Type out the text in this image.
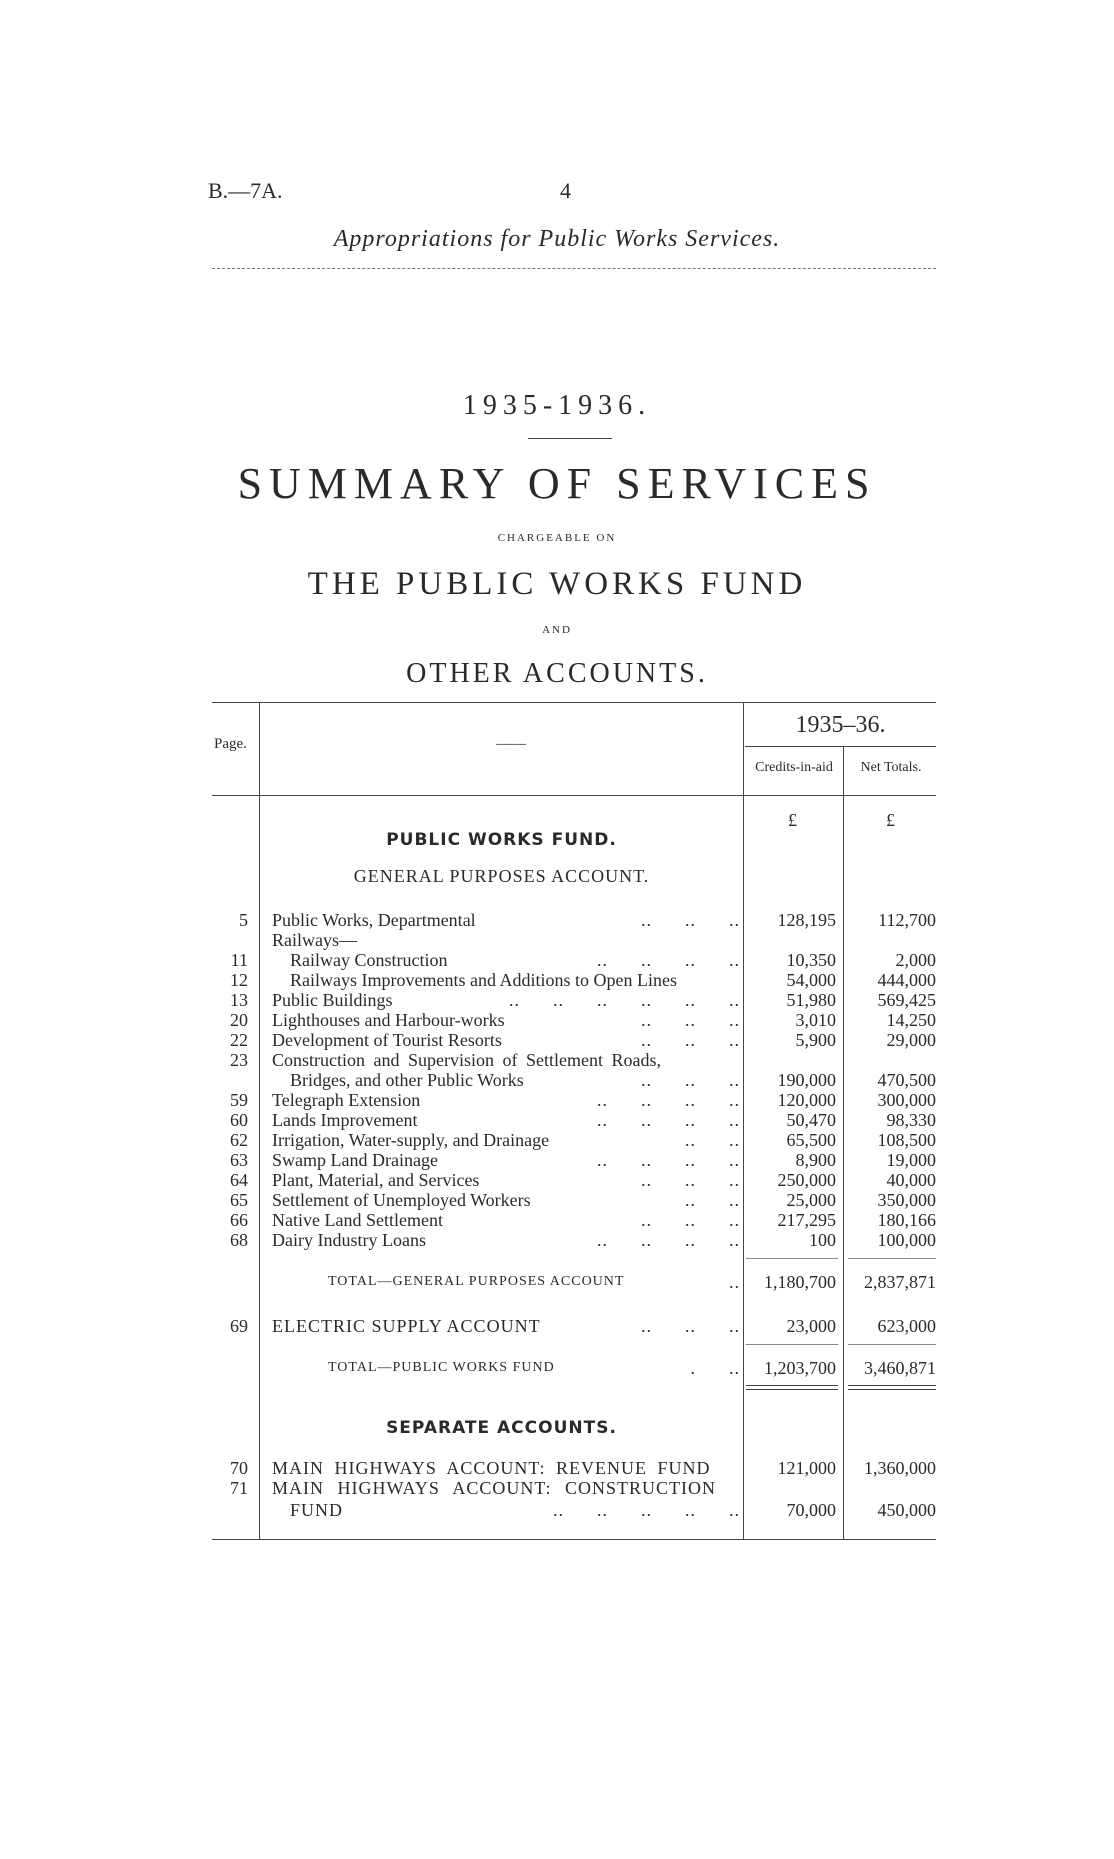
B.—7A.	4
Appropriations for Public Works Services.
1935-1936.
SUMMARY OF SERVICES
CHARGEABLE ON
THE PUBLIC WORKS FUND
AND
OTHER ACCOUNTS.
Page.	——
1935–36.
Credits-in-aid	Net Totals.
£	£
PUBLIC WORKS FUND.
GENERAL PURPOSES ACCOUNT.
5 Public Works, Departmental	..      ..      ..	128,195	112,700
Railways—
11 Railway Construction	..      ..      ..      ..	10,350	2,000
12 Railways Improvements and Additions to Open Lines	54,000	444,000
13 Public Buildings	..      ..      ..      ..      ..      ..	51,980	569,425
20 Lighthouses and Harbour-works	..      ..      ..	3,010	14,250
22 Development of Tourist Resorts	..      ..      ..	5,900	29,000
23 Construction and Supervision of Settlement Roads,
Bridges, and other Public Works	..      ..      ..	190,000	470,500
59 Telegraph Extension	..      ..      ..      ..	120,000	300,000
60 Lands Improvement	..      ..      ..      ..	50,470	98,330
62 Irrigation, Water-supply, and Drainage	..      ..	65,500	108,500
63 Swamp Land Drainage	..      ..      ..      ..	8,900	19,000
64 Plant, Material, and Services	..      ..      ..	250,000	40,000
65 Settlement of Unemployed Workers	..      ..	25,000	350,000
66 Native Land Settlement	..      ..      ..	217,295	180,166
68 Dairy Industry Loans	..      ..      ..      ..	100	100,000
TOTAL—GENERAL PURPOSES ACCOUNT	..	1,180,700	2,837,871
69 ELECTRIC SUPPLY ACCOUNT	..      ..      ..	23,000	623,000
TOTAL—PUBLIC WORKS FUND	.      ..	1,203,700	3,460,871
SEPARATE ACCOUNTS.
70 MAIN HIGHWAYS ACCOUNT: REVENUE FUND	121,000	1,360,000
71 MAIN HIGHWAYS ACCOUNT: CONSTRUCTION
FUND	..      ..      ..      ..      ..	70,000	450,000
